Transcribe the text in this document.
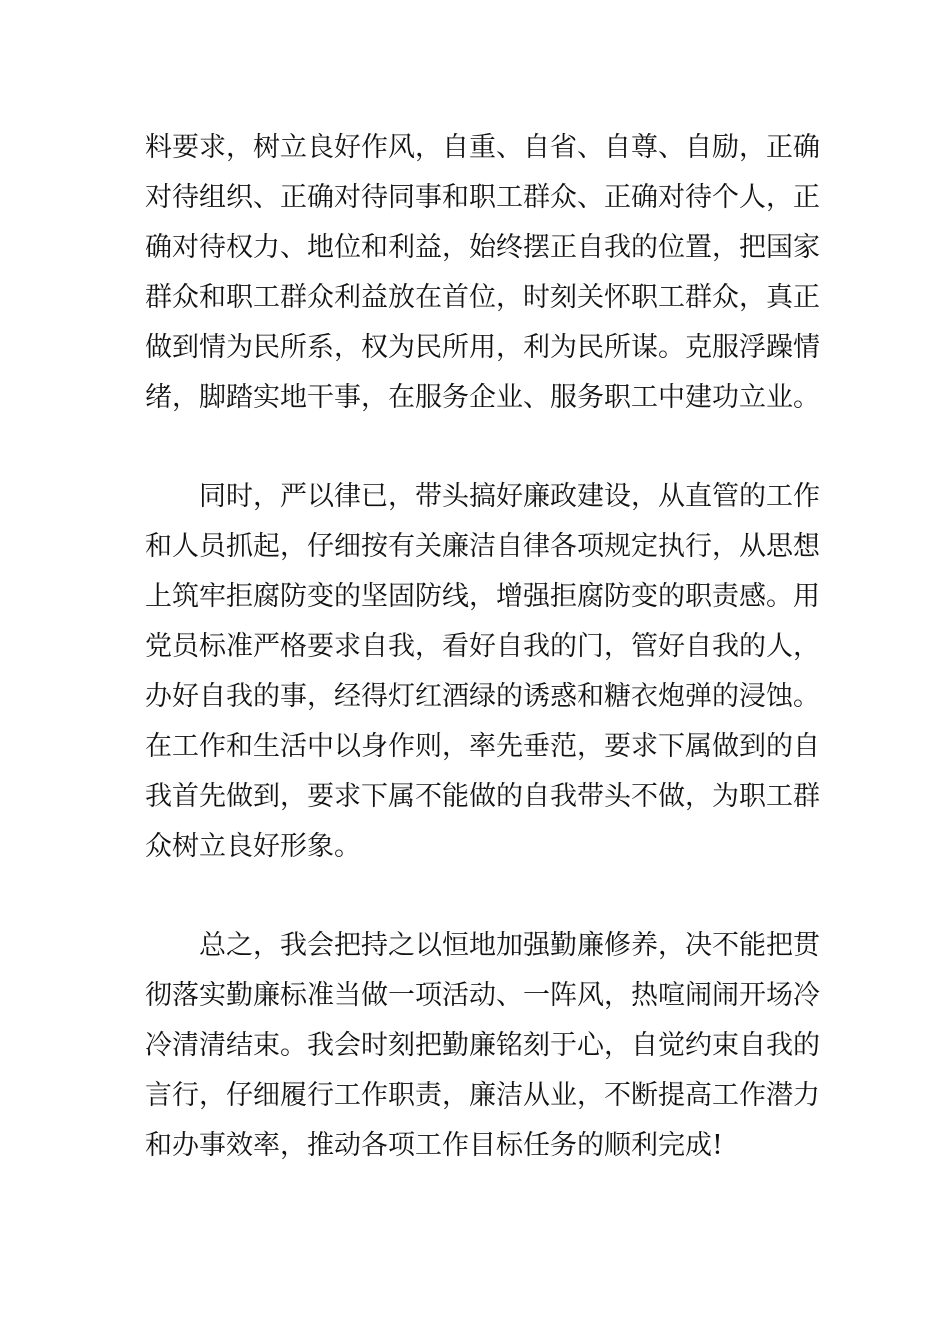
料要求，树立良好作风，自重、自省、自尊、自励，正确
对待组织、正确对待同事和职工群众、正确对待个人，正
确对待权力、地位和利益，始终摆正自我的位置，把国家
群众和职工群众利益放在首位，时刻关怀职工群众，真正
做到情为民所系，权为民所用，利为民所谋。克服浮躁情
绪，脚踏实地干事，在服务企业、服务职工中建功立业。
同时，严以律已，带头搞好廉政建设，从直管的工作
和人员抓起，仔细按有关廉洁自律各项规定执行，从思想
上筑牢拒腐防变的坚固防线，增强拒腐防变的职责感。用
党员标准严格要求自我，看好自我的门，管好自我的人，
办好自我的事，经得灯红酒绿的诱惑和糖衣炮弹的浸蚀。
在工作和生活中以身作则，率先垂范，要求下属做到的自
我首先做到，要求下属不能做的自我带头不做，为职工群
众树立良好形象。
总之，我会把持之以恒地加强勤廉修养，决不能把贯
彻落实勤廉标准当做一项活动、一阵风，热喧闹闹开场冷
冷清清结束。我会时刻把勤廉铭刻于心，自觉约束自我的
言行，仔细履行工作职责，廉洁从业，不断提高工作潜力
和办事效率，推动各项工作目标任务的顺利完成!
